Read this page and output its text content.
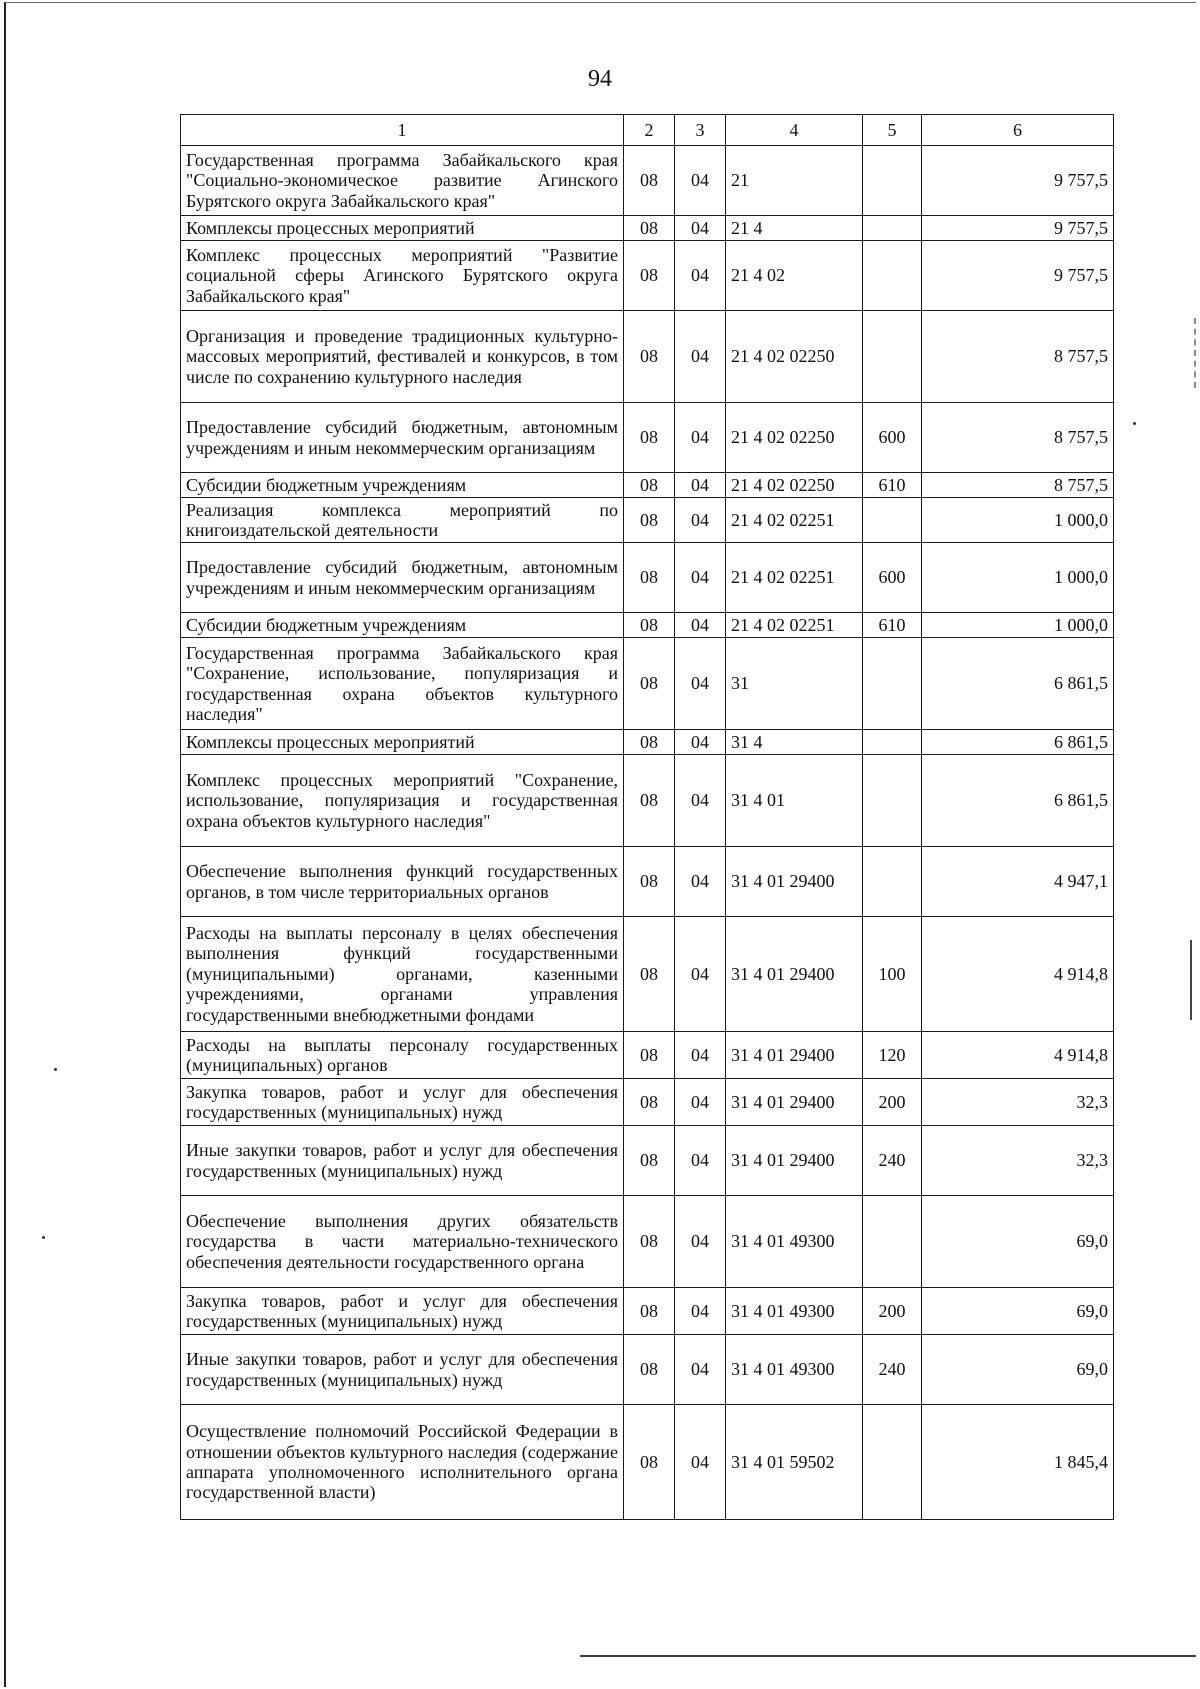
94
1	2	3	4	5	6
Государственная программа Забайкальского края "Социально-экономическое развитие Агинского Бурятского округа Забайкальского края"	08	04	21		9 757,5
Комплексы процессных мероприятий	08	04	21 4		9 757,5
Комплекс процессных мероприятий "Развитие социальной сферы Агинского Бурятского округа Забайкальского края"	08	04	21 4 02		9 757,5
Организация и проведение традиционных культурно-массовых мероприятий, фестивалей и конкурсов, в том числе по сохранению культурного наследия	08	04	21 4 02 02250		8 757,5
Предоставление субсидий бюджетным, автономным учреждениям и иным некоммерческим организациям	08	04	21 4 02 02250	600	8 757,5
Субсидии бюджетным учреждениям	08	04	21 4 02 02250	610	8 757,5
Реализация комплекса мероприятий по книгоиздательской деятельности	08	04	21 4 02 02251		1 000,0
Предоставление субсидий бюджетным, автономным учреждениям и иным некоммерческим организациям	08	04	21 4 02 02251	600	1 000,0
Субсидии бюджетным учреждениям	08	04	21 4 02 02251	610	1 000,0
Государственная программа Забайкальского края "Сохранение, использование, популяризация и государственная охрана объектов культурного наследия"	08	04	31		6 861,5
Комплексы процессных мероприятий	08	04	31 4		6 861,5
Комплекс процессных мероприятий "Сохранение, использование, популяризация и государственная охрана объектов культурного наследия"	08	04	31 4 01		6 861,5
Обеспечение выполнения функций государственных органов, в том числе территориальных органов	08	04	31 4 01 29400		4 947,1
Расходы на выплаты персоналу в целях обеспечения выполнения функций государственными (муниципальными) органами, казенными учреждениями, органами управления государственными внебюджетными фондами	08	04	31 4 01 29400	100	4 914,8
Расходы на выплаты персоналу государственных (муниципальных) органов	08	04	31 4 01 29400	120	4 914,8
Закупка товаров, работ и услуг для обеспечения государственных (муниципальных) нужд	08	04	31 4 01 29400	200	32,3
Иные закупки товаров, работ и услуг для обеспечения государственных (муниципальных) нужд	08	04	31 4 01 29400	240	32,3
Обеспечение выполнения других обязательств государства в части материально-технического обеспечения деятельности государственного органа	08	04	31 4 01 49300		69,0
Закупка товаров, работ и услуг для обеспечения государственных (муниципальных) нужд	08	04	31 4 01 49300	200	69,0
Иные закупки товаров, работ и услуг для обеспечения государственных (муниципальных) нужд	08	04	31 4 01 49300	240	69,0
Осуществление полномочий Российской Федерации в отношении объектов культурного наследия (содержание аппарата уполномоченного исполнительного органа государственной власти)	08	04	31 4 01 59502		1 845,4
